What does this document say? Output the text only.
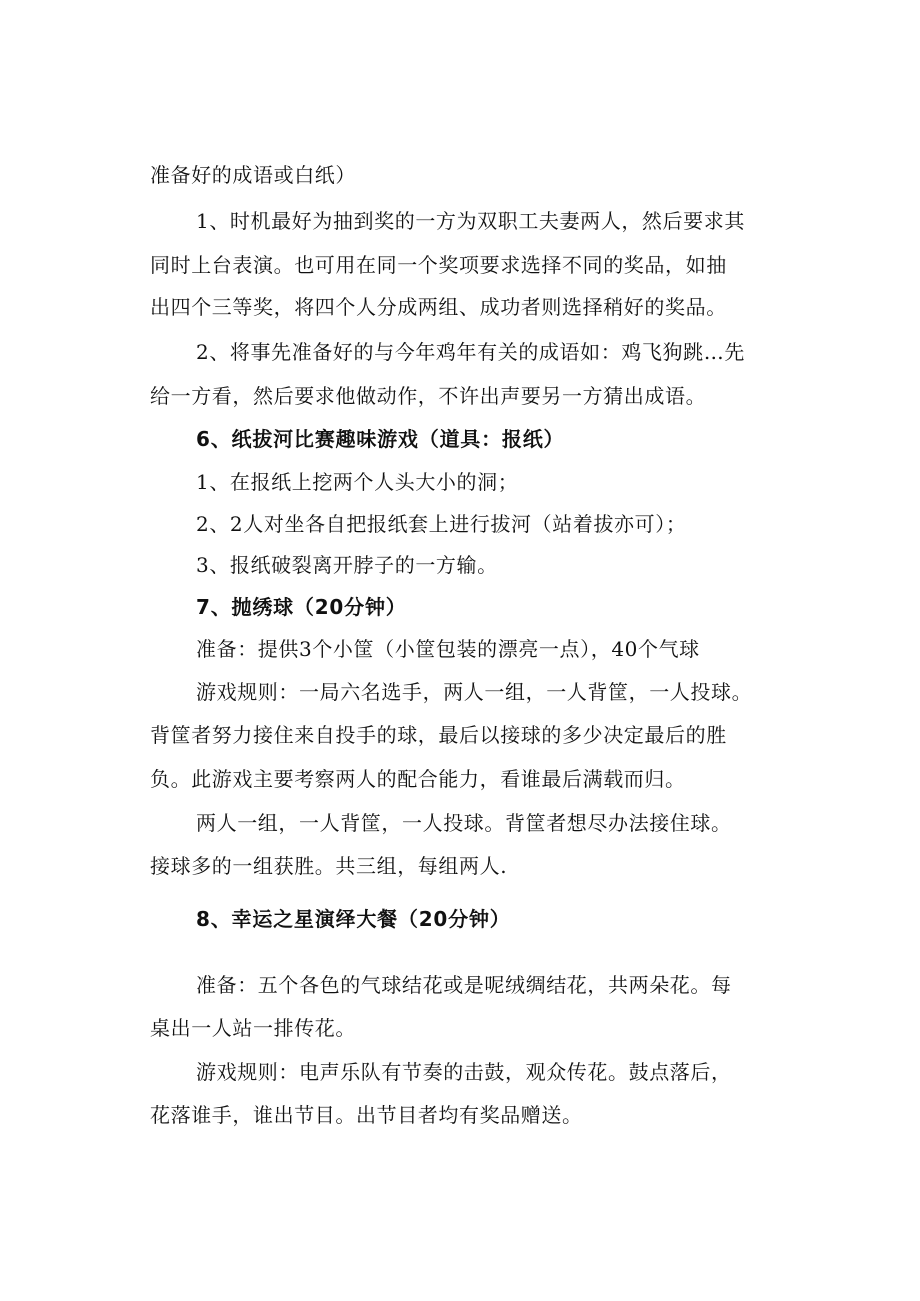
准备好的成语或白纸）
1、时机最好为抽到奖的一方为双职工夫妻两人，然后要求其
同时上台表演。也可用在同一个奖项要求选择不同的奖品，如抽
出四个三等奖，将四个人分成两组、成功者则选择稍好的奖品。
2、将事先准备好的与今年鸡年有关的成语如：鸡飞狗跳…先
给一方看，然后要求他做动作，不许出声要另一方猜出成语。
6、纸拔河比赛趣味游戏（道具：报纸）
1、在报纸上挖两个人头大小的洞；
2、2人对坐各自把报纸套上进行拔河（站着拔亦可）；
3、报纸破裂离开脖子的一方输。
7、抛绣球（20分钟）
准备：提供3个小筐（小筐包装的漂亮一点），40个气球
游戏规则：一局六名选手，两人一组，一人背筐，一人投球。
背筐者努力接住来自投手的球，最后以接球的多少决定最后的胜
负。此游戏主要考察两人的配合能力，看谁最后满载而归。
两人一组，一人背筐，一人投球。背筐者想尽办法接住球。
接球多的一组获胜。共三组，每组两人.
8、幸运之星演绎大餐（20分钟）
准备：五个各色的气球结花或是呢绒绸结花，共两朵花。每
桌出一人站一排传花。
游戏规则：电声乐队有节奏的击鼓，观众传花。鼓点落后，
花落谁手，谁出节目。出节目者均有奖品赠送。
